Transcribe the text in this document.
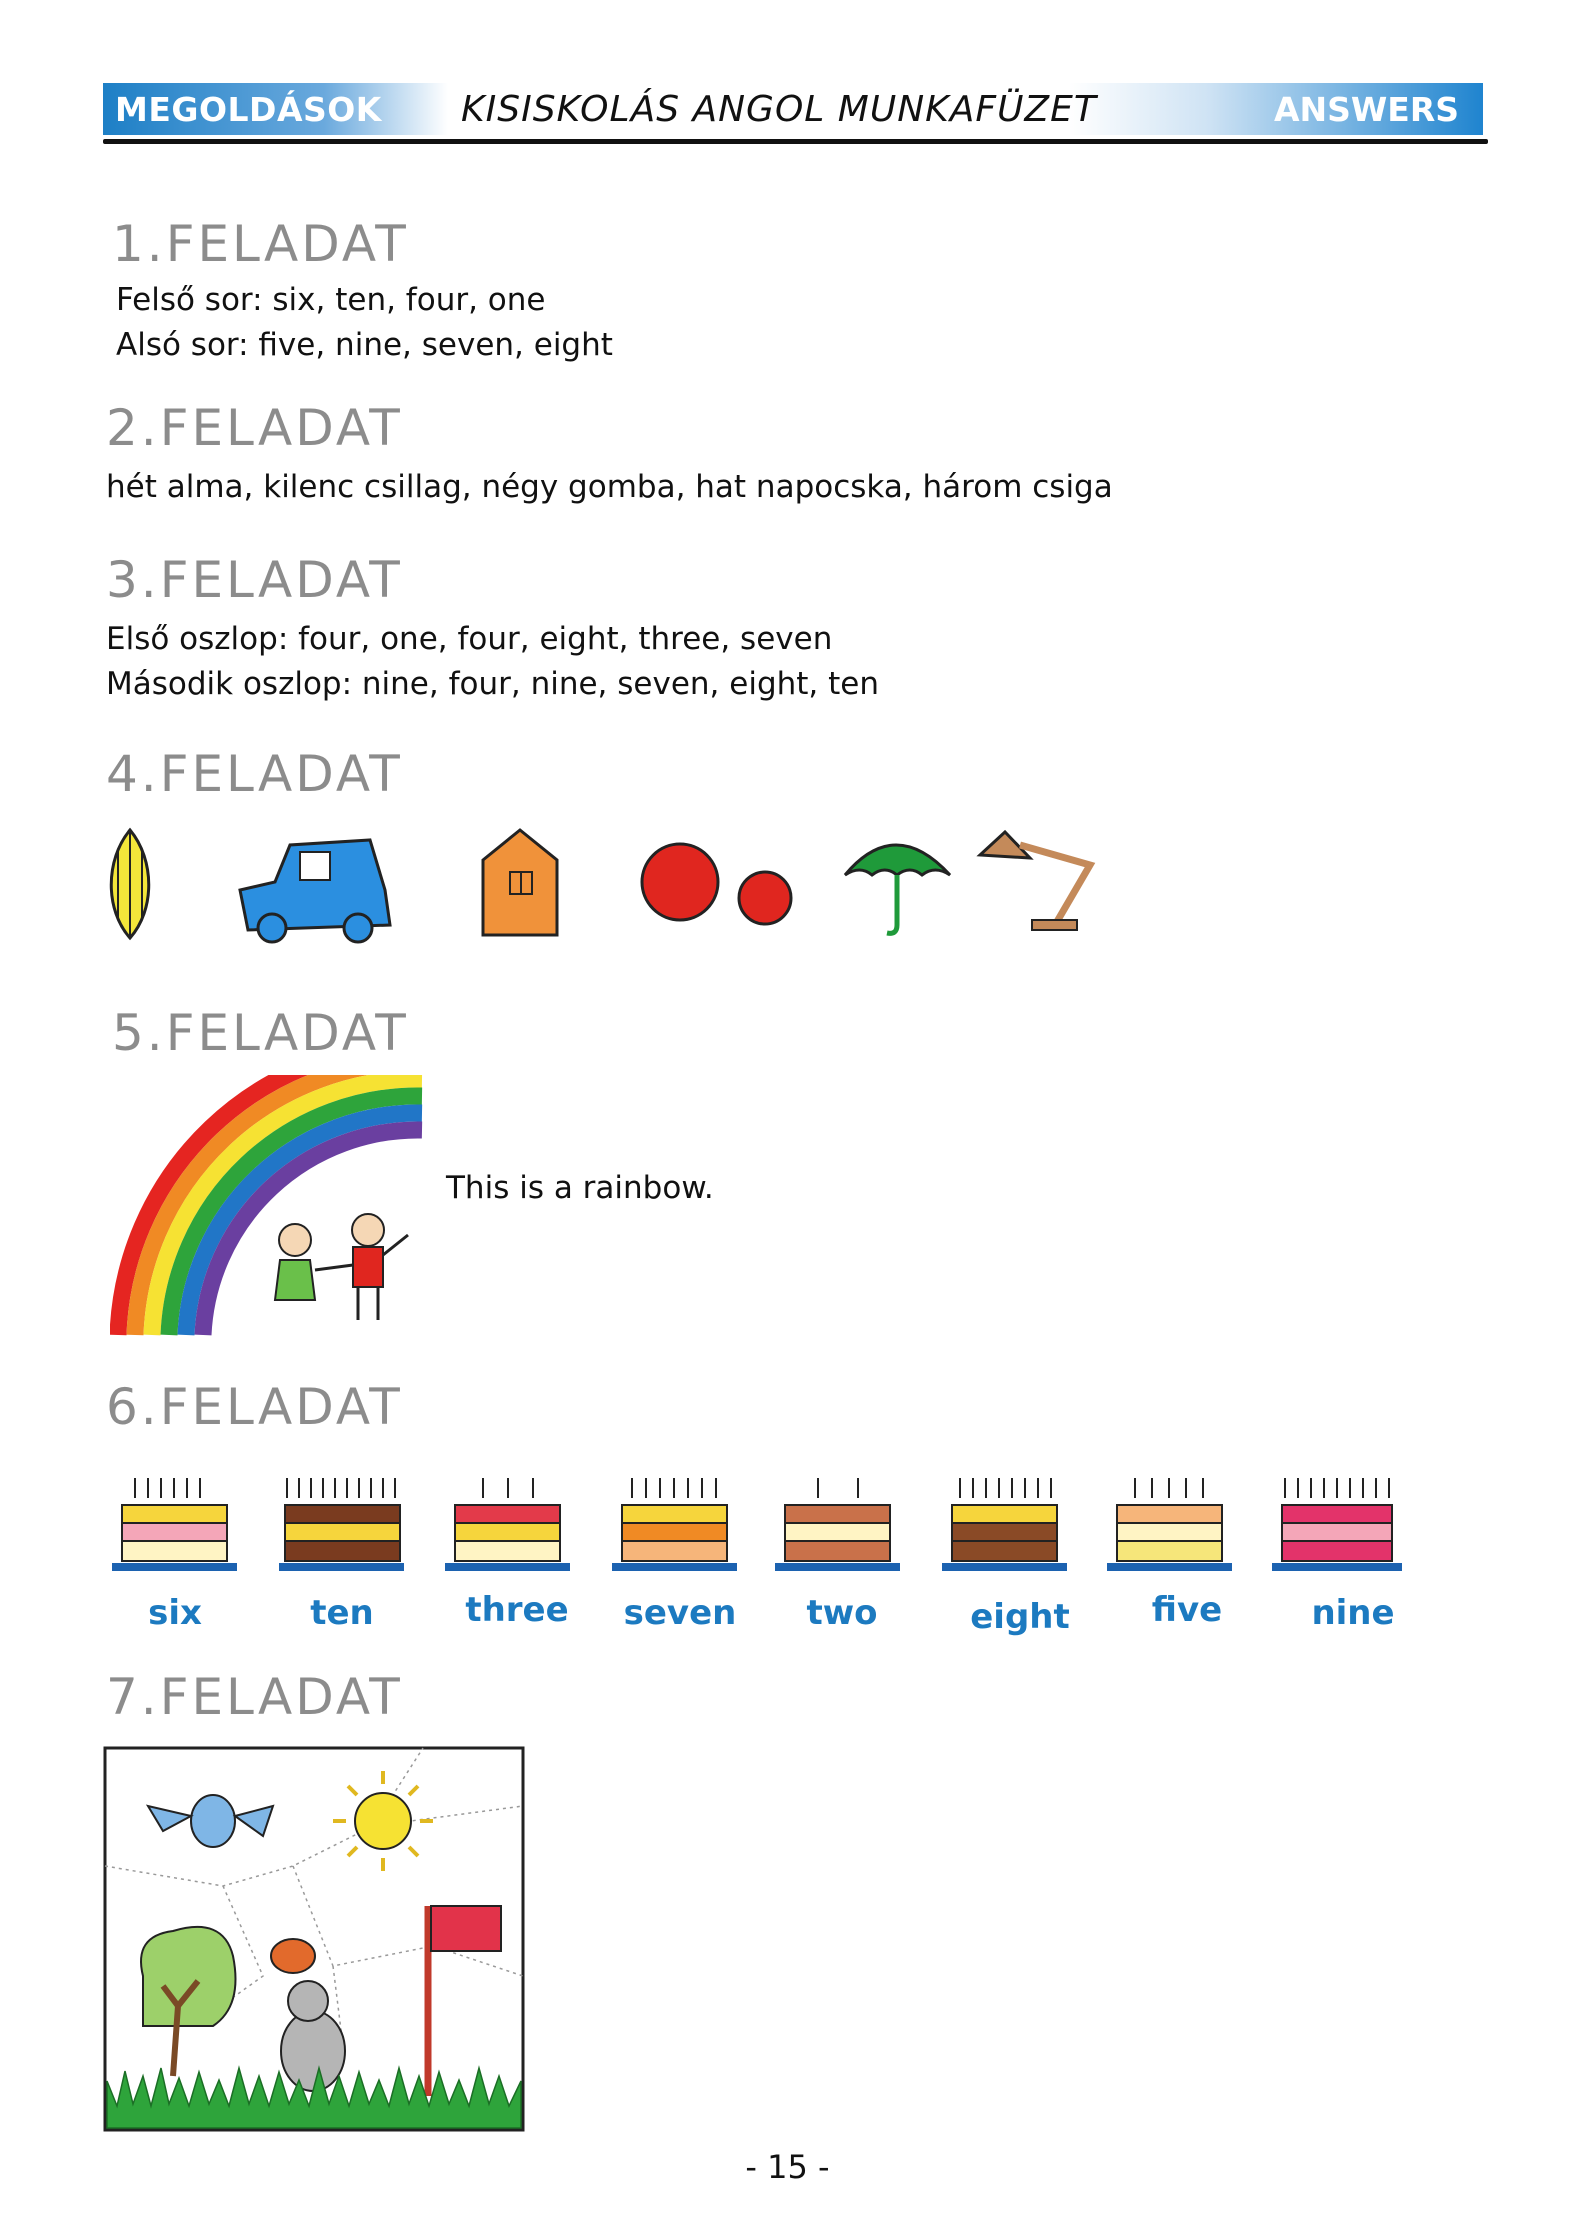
MEGOLDÁSOK KISISKOLÁS ANGOL MUNKAFÜZET	ANSWERS
1.FELADAT
Felső sor: six, ten, four, one
Alsó sor: five, nine, seven, eight
2.FELADAT
hét alma, kilenc csillag, négy gomba, hat napocska, három csiga
3.FELADAT
Első oszlop: four, one, four, eight, three, seven
Második oszlop: nine, four, nine, seven, eight, ten
4.FELADAT
5.FELADAT
This is a rainbow.
6.FELADAT
six	ten	three	seven	two	eight	five	nine
7.FELADAT
- 15 -
